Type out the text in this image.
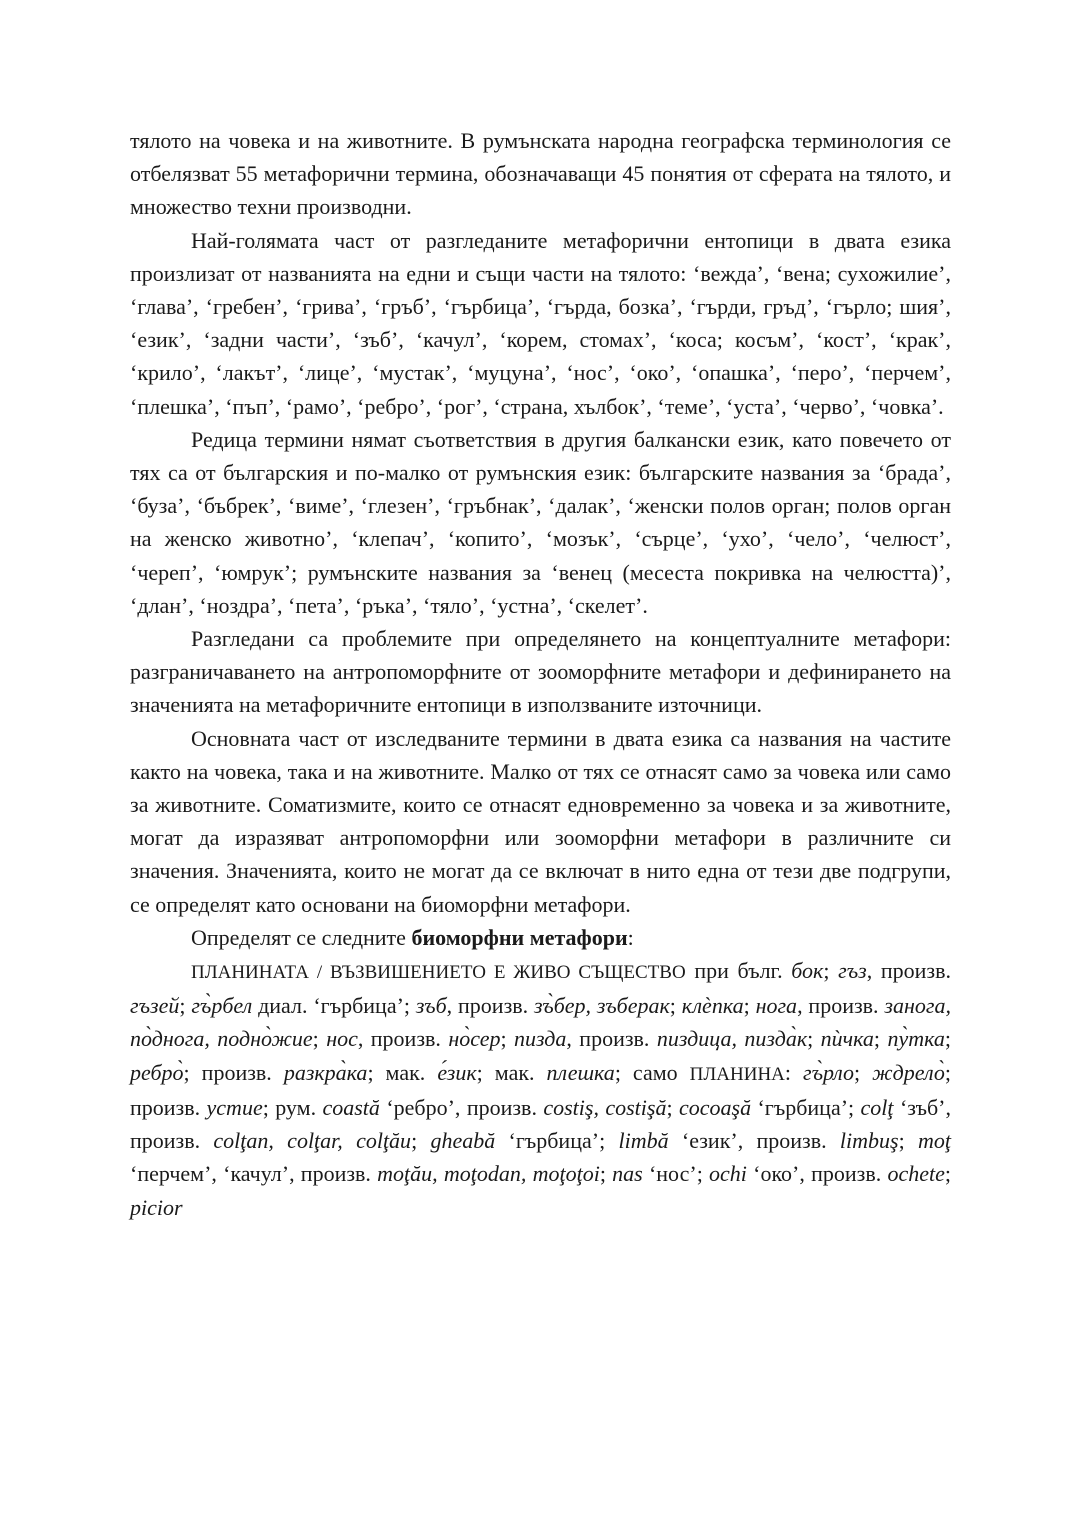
тялото на човека и на животните. В румънската народна географска терминология се отбелязват 55 метафорични термина, обозначаващи 45 понятия от сферата на тялото, и множество техни производни.

Най-голямата част от разгледаните метафорични ентопици в двата езика произлизат от названията на едни и същи части на тялото: ‘вежда’, ‘вена; сухожилие’, ‘глава’, ‘гребен’, ‘грива’, ‘гръб’, ‘гърбица’, ‘гърда, бозка’, ‘гърди, гръд’, ‘гърло; шия’, ‘език’, ‘задни части’, ‘зъб’, ‘качул’, ‘корем, стомах’, ‘коса; косъм’, ‘кост’, ‘крак’, ‘крило’, ‘лакът’, ‘лице’, ‘мустак’, ‘муцуна’, ‘нос’, ‘око’, ‘опашка’, ‘перо’, ‘перчем’, ‘плешка’, ‘пъп’, ‘рамо’, ‘ребро’, ‘рог’, ‘страна, хълбок’, ‘теме’, ‘уста’, ‘черво’, ‘човка’.

Редица термини нямат съответствия в другия балкански език, като повечето от тях са от българския и по-малко от румънския език: българските названия за ‘брада’, ‘буза’, ‘бъбрек’, ‘виме’, ‘глезен’, ‘гръбнак’, ‘далак’, ‘женски полов орган; полов орган на женско животно’, ‘клепач’, ‘копито’, ‘мозък’, ‘сърце’, ‘ухо’, ‘чело’, ‘челюст’, ‘череп’, ‘юмрук’; румънските названия за ‘венец (месеста покривка на челюстта)’, ‘длан’, ‘ноздра’, ‘пета’, ‘ръка’, ‘тяло’, ‘устна’, ‘скелет’.

Разгледани са проблемите при определянето на концептуалните метафори: разграничаването на антропоморфните от зооморфните метафори и дефинирането на значенията на метафоричните ентопици в използваните източници.

Основната част от изследваните термини в двата езика са названия на частите както на човека, така и на животните. Малко от тях се отнасят само за човека или само за животните. Соматизмите, които се отнасят едновременно за човека и за животните, могат да изразяват антропоморфни или зооморфни метафори в различните си значения. Значенията, които не могат да се включат в нито една от тези две подгрупи, се определят като основани на биоморфни метафори.

Определят се следните биоморфни метафори:

ПЛАНИНАТА / ВЪЗВИШЕНИЕТО Е ЖИВО СЪЩЕСТВО при бълг. бок; гъз, произв. гъзей; гъ̀рбел диал. ‘гърбица’; зъб, произв. зъ̀бер, зъберак; клѐпка; нога, произв. занога, по̀днога, подно̀жие; нос, произв. но̀сер; пизда, произв. пиздица, пизда̀к; пѝчка; пу̀тка; ребро̀; произв. разкра̀ка; мак. е́зик; мак. плешка; само ПЛАНИНА: гъ̀рло; ждрело̀; произв. устие; рум. coastă ‘ребро’, произв. costiş, costişă; cocoaşă ‘гърбица’; colţ ‘зъб’, произв. colţan, colţar, colţău; gheabă ‘гърбица’; limbă ‘език’, произв. limbuş; moţ ‘перчем’, ‘качул’, произв. moţău, moţodan, moţoţoi; nas ‘нос’; ochi ‘око’, произв. ochete; picior
